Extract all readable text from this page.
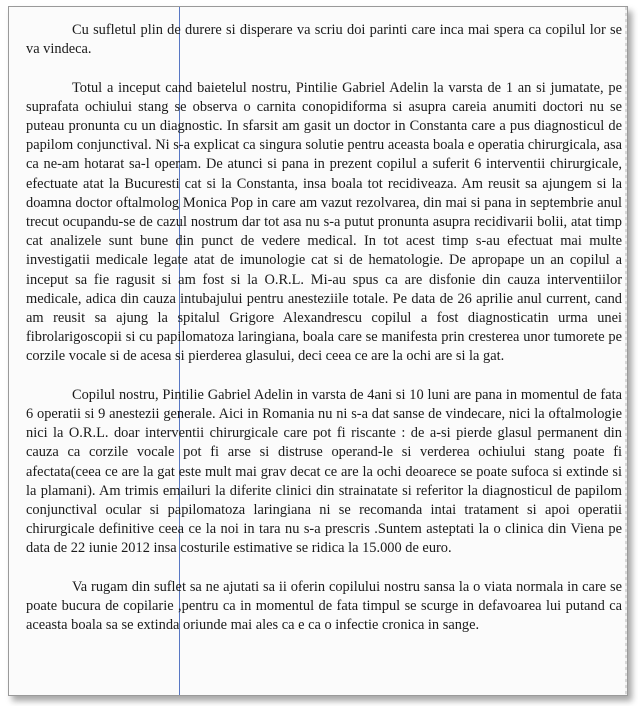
Cu sufletul plin de durere si disperare va scriu doi parinti care inca mai spera ca copilul lor se va vindeca.

Totul a inceput cand baietelul nostru, Pintilie Gabriel Adelin la varsta de 1 an si jumatate, pe suprafata ochiului stang se observa o carnita conopidiforma si asupra careia anumiti doctori nu se puteau pronunta cu un diagnostic. In sfarsit am gasit un doctor in Constanta care a pus diagnosticul de papilom conjunctival. Ni s-a explicat ca singura solutie pentru aceasta boala e operatia chirurgicala, asa ca ne-am hotarat sa-l operam. De atunci si pana in prezent copilul a suferit 6 interventii chirurgicale, efectuate atat la Bucuresti cat si la Constanta, insa boala tot recidiveaza. Am reusit sa ajungem si la doamna doctor oftalmolog Monica Pop in care am vazut rezolvarea, din mai si pana in septembrie anul trecut ocupandu-se de cazul nostrum dar tot asa nu s-a putut pronunta asupra recidivarii bolii, atat timp cat analizele sunt bune din punct de vedere medical. In tot acest timp s-au efectuat mai multe investigatii medicale legate atat de imunologie cat si de hematologie. De apropape un an copilul a inceput sa fie ragusit si am fost si la O.R.L. Mi-au spus ca are disfonie din cauza interventiilor medicale, adica din cauza intubajului pentru anesteziile totale. Pe data de 26 aprilie anul current, cand am reusit sa ajung la spitalul Grigore Alexandrescu copilul a fost diagnosticatin urma unei fibrolarigoscopii si cu papilomatoza laringiana, boala care se manifesta prin cresterea unor tumorete pe corzile vocale si de acesa si pierderea glasului, deci ceea ce are la ochi are si la gat.

Copilul nostru, Pintilie Gabriel Adelin in varsta de 4ani si 10 luni are pana in momentul de fata 6 operatii si 9 anestezii generale. Aici in Romania nu ni s-a dat sanse de vindecare, nici la oftalmologie nici la O.R.L. doar interventii chirurgicale care pot fi riscante : de a-si pierde glasul permanent din cauza ca corzile vocale pot fi arse si distruse operand-le si verderea ochiului stang poate fi afectata(ceea ce are la gat este mult mai grav decat ce are la ochi deoarece se poate sufoca si extinde si la plamani). Am trimis emailuri la diferite clinici din strainatate si referitor la diagnosticul de papilom conjunctival ocular si papilomatoza laringiana ni se recomanda intai tratament si apoi operatii chirurgicale definitive ceea ce la noi in tara nu s-a prescris .Suntem asteptati la o clinica din Viena pe data de 22 iunie 2012 insa costurile estimative se ridica la 15.000 de euro.

Va rugam din suflet sa ne ajutati sa ii oferin copilului nostru sansa la o viata normala in care se poate bucura de copilarie ,pentru ca in momentul de fata timpul se scurge in defavoarea lui putand ca aceasta boala sa se extinda oriunde mai ales ca e ca o infectie cronica in sange.
